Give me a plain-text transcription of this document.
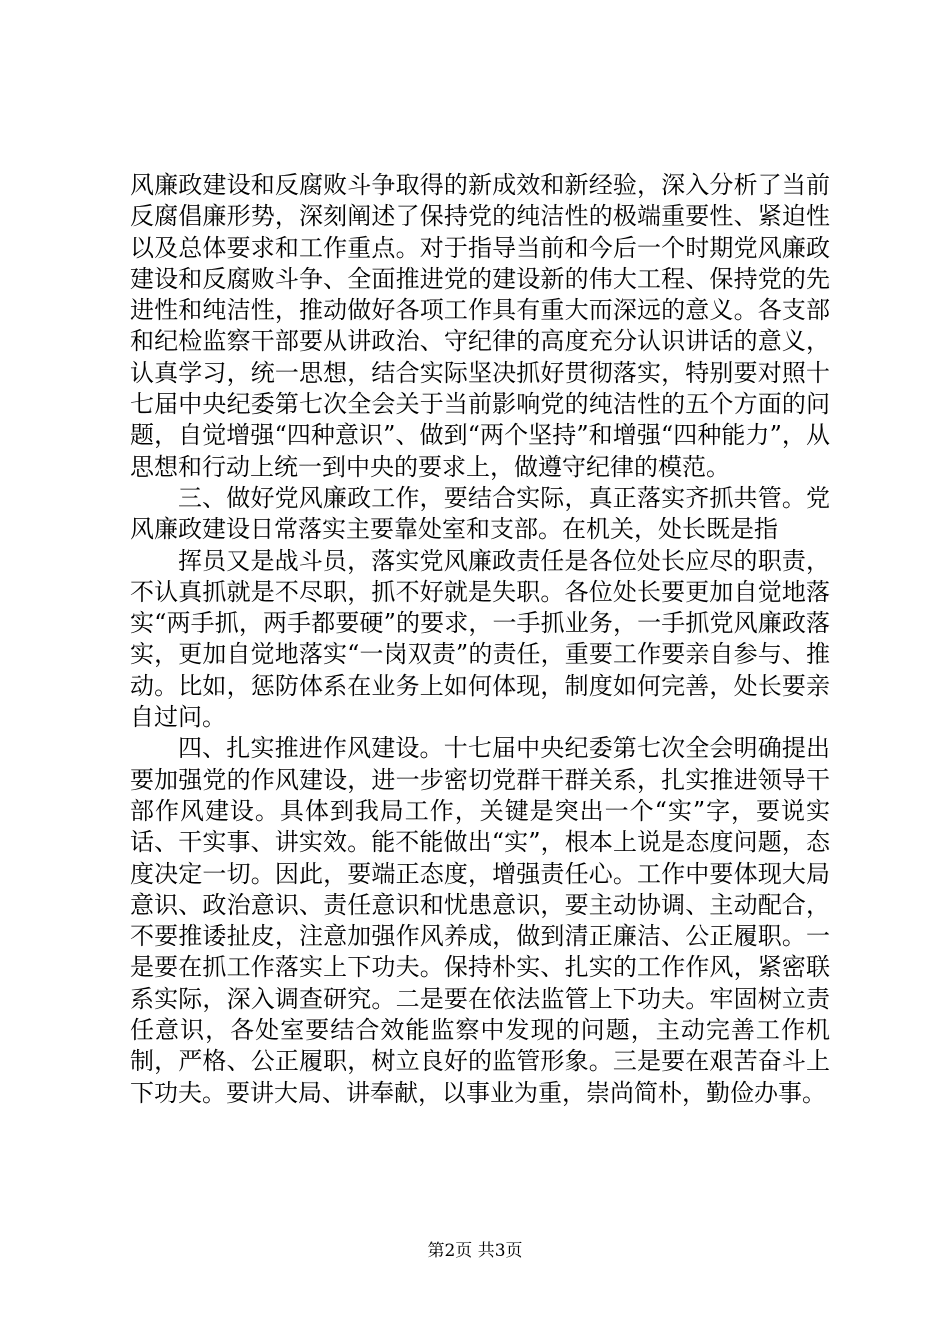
风廉政建设和反腐败斗争取得的新成效和新经验，深入分析了当前反腐倡廉形势，深刻阐述了保持党的纯洁性的极端重要性、紧迫性以及总体要求和工作重点。对于指导当前和今后一个时期党风廉政建设和反腐败斗争、全面推进党的建设新的伟大工程、保持党的先进性和纯洁性，推动做好各项工作具有重大而深远的意义。各支部和纪检监察干部要从讲政治、守纪律的高度充分认识讲话的意义，认真学习，统一思想，结合实际坚决抓好贯彻落实，特别要对照十七届中央纪委第七次全会关于当前影响党的纯洁性的五个方面的问题，自觉增强“四种意识”、做到“两个坚持”和增强“四种能力”，从思想和行动上统一到中央的要求上，做遵守纪律的模范。

三、做好党风廉政工作，要结合实际，真正落实齐抓共管。党风廉政建设日常落实主要靠处室和支部。在机关，处长既是指

挥员又是战斗员，落实党风廉政责任是各位处长应尽的职责，不认真抓就是不尽职，抓不好就是失职。各位处长要更加自觉地落实“两手抓，两手都要硬”的要求，一手抓业务，一手抓党风廉政落实，更加自觉地落实“一岗双责”的责任，重要工作要亲自参与、推动。比如，惩防体系在业务上如何体现，制度如何完善，处长要亲自过问。

四、扎实推进作风建设。十七届中央纪委第七次全会明确提出要加强党的作风建设，进一步密切党群干群关系，扎实推进领导干部作风建设。具体到我局工作，关键是突出一个“实”字，要说实话、干实事、讲实效。能不能做出“实”，根本上说是态度问题，态度决定一切。因此，要端正态度，增强责任心。工作中要体现大局意识、政治意识、责任意识和忧患意识，要主动协调、主动配合，不要推诿扯皮，注意加强作风养成，做到清正廉洁、公正履职。一是要在抓工作落实上下功夫。保持朴实、扎实的工作作风，紧密联系实际，深入调查研究。二是要在依法监管上下功夫。牢固树立责任意识，各处室要结合效能监察中发现的问题，主动完善工作机制，严格、公正履职，树立良好的监管形象。三是要在艰苦奋斗上下功夫。要讲大局、讲奉献，以事业为重，崇尚简朴，勤俭办事。

第2页 共3页
